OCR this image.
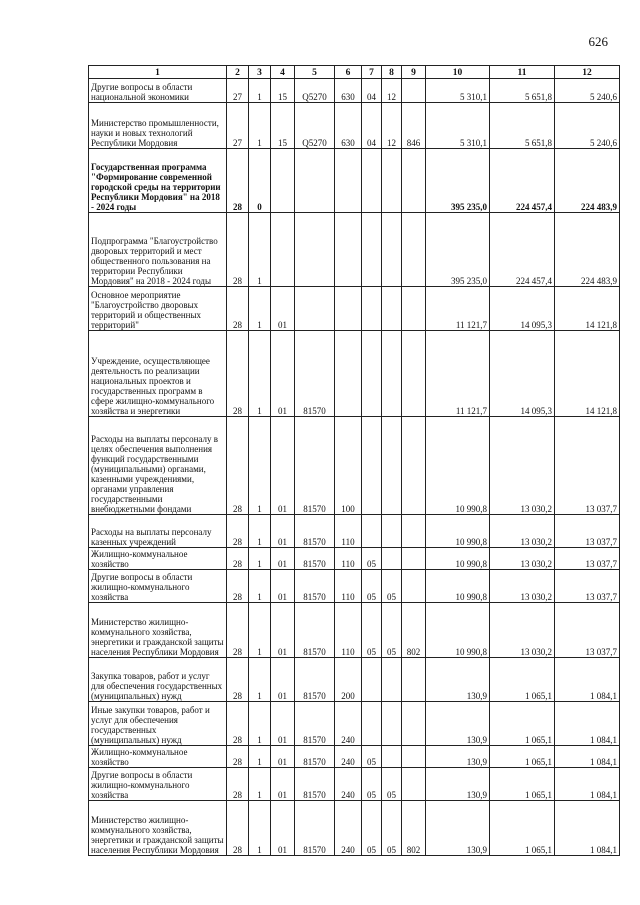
626
1	2	3	4	5	6	7	8	9	10	11	12
Другие вопросы в области национальной экономики	27	1	15	Q5270	630	04	12		5 310,1	5 651,8	5 240,6
Министерство промышленности, науки и новых технологий Республики Мордовия	27	1	15	Q5270	630	04	12	846	5 310,1	5 651,8	5 240,6
Государственная программа "Формирование современной городской среды на территории Республики Мордовия" на 2018 - 2024 годы	28	0							395 235,0	224 457,4	224 483,9
Подпрограмма "Благоустройство дворовых территорий и мест общественного пользования на территории Республики Мордовия" на 2018 - 2024 годы	28	1							395 235,0	224 457,4	224 483,9
Основное мероприятие "Благоустройство дворовых территорий и общественных территорий"	28	1	01						11 121,7	14 095,3	14 121,8
Учреждение, осуществляющее деятельность по реализации национальных проектов и государственных программ в сфере жилищно-коммунального хозяйства и энергетики	28	1	01	81570					11 121,7	14 095,3	14 121,8
Расходы на выплаты персоналу в целях обеспечения выполнения функций государственными (муниципальными) органами, казенными учреждениями, органами управления государственными внебюджетными фондами	28	1	01	81570	100				10 990,8	13 030,2	13 037,7
Расходы на выплаты персоналу казенных учреждений	28	1	01	81570	110				10 990,8	13 030,2	13 037,7
Жилищно-коммунальное хозяйство	28	1	01	81570	110	05			10 990,8	13 030,2	13 037,7
Другие вопросы в области жилищно-коммунального хозяйства	28	1	01	81570	110	05	05		10 990,8	13 030,2	13 037,7
Министерство жилищно-коммунального хозяйства, энергетики и гражданской защиты населения Республики Мордовия	28	1	01	81570	110	05	05	802	10 990,8	13 030,2	13 037,7
Закупка товаров, работ и услуг для обеспечения государственных (муниципальных) нужд	28	1	01	81570	200				130,9	1 065,1	1 084,1
Иные закупки товаров, работ и услуг для обеспечения государственных (муниципальных) нужд	28	1	01	81570	240				130,9	1 065,1	1 084,1
Жилищно-коммунальное хозяйство	28	1	01	81570	240	05			130,9	1 065,1	1 084,1
Другие вопросы в области жилищно-коммунального хозяйства	28	1	01	81570	240	05	05		130,9	1 065,1	1 084,1
Министерство жилищно-коммунального хозяйства, энергетики и гражданской защиты населения Республики Мордовия	28	1	01	81570	240	05	05	802	130,9	1 065,1	1 084,1
